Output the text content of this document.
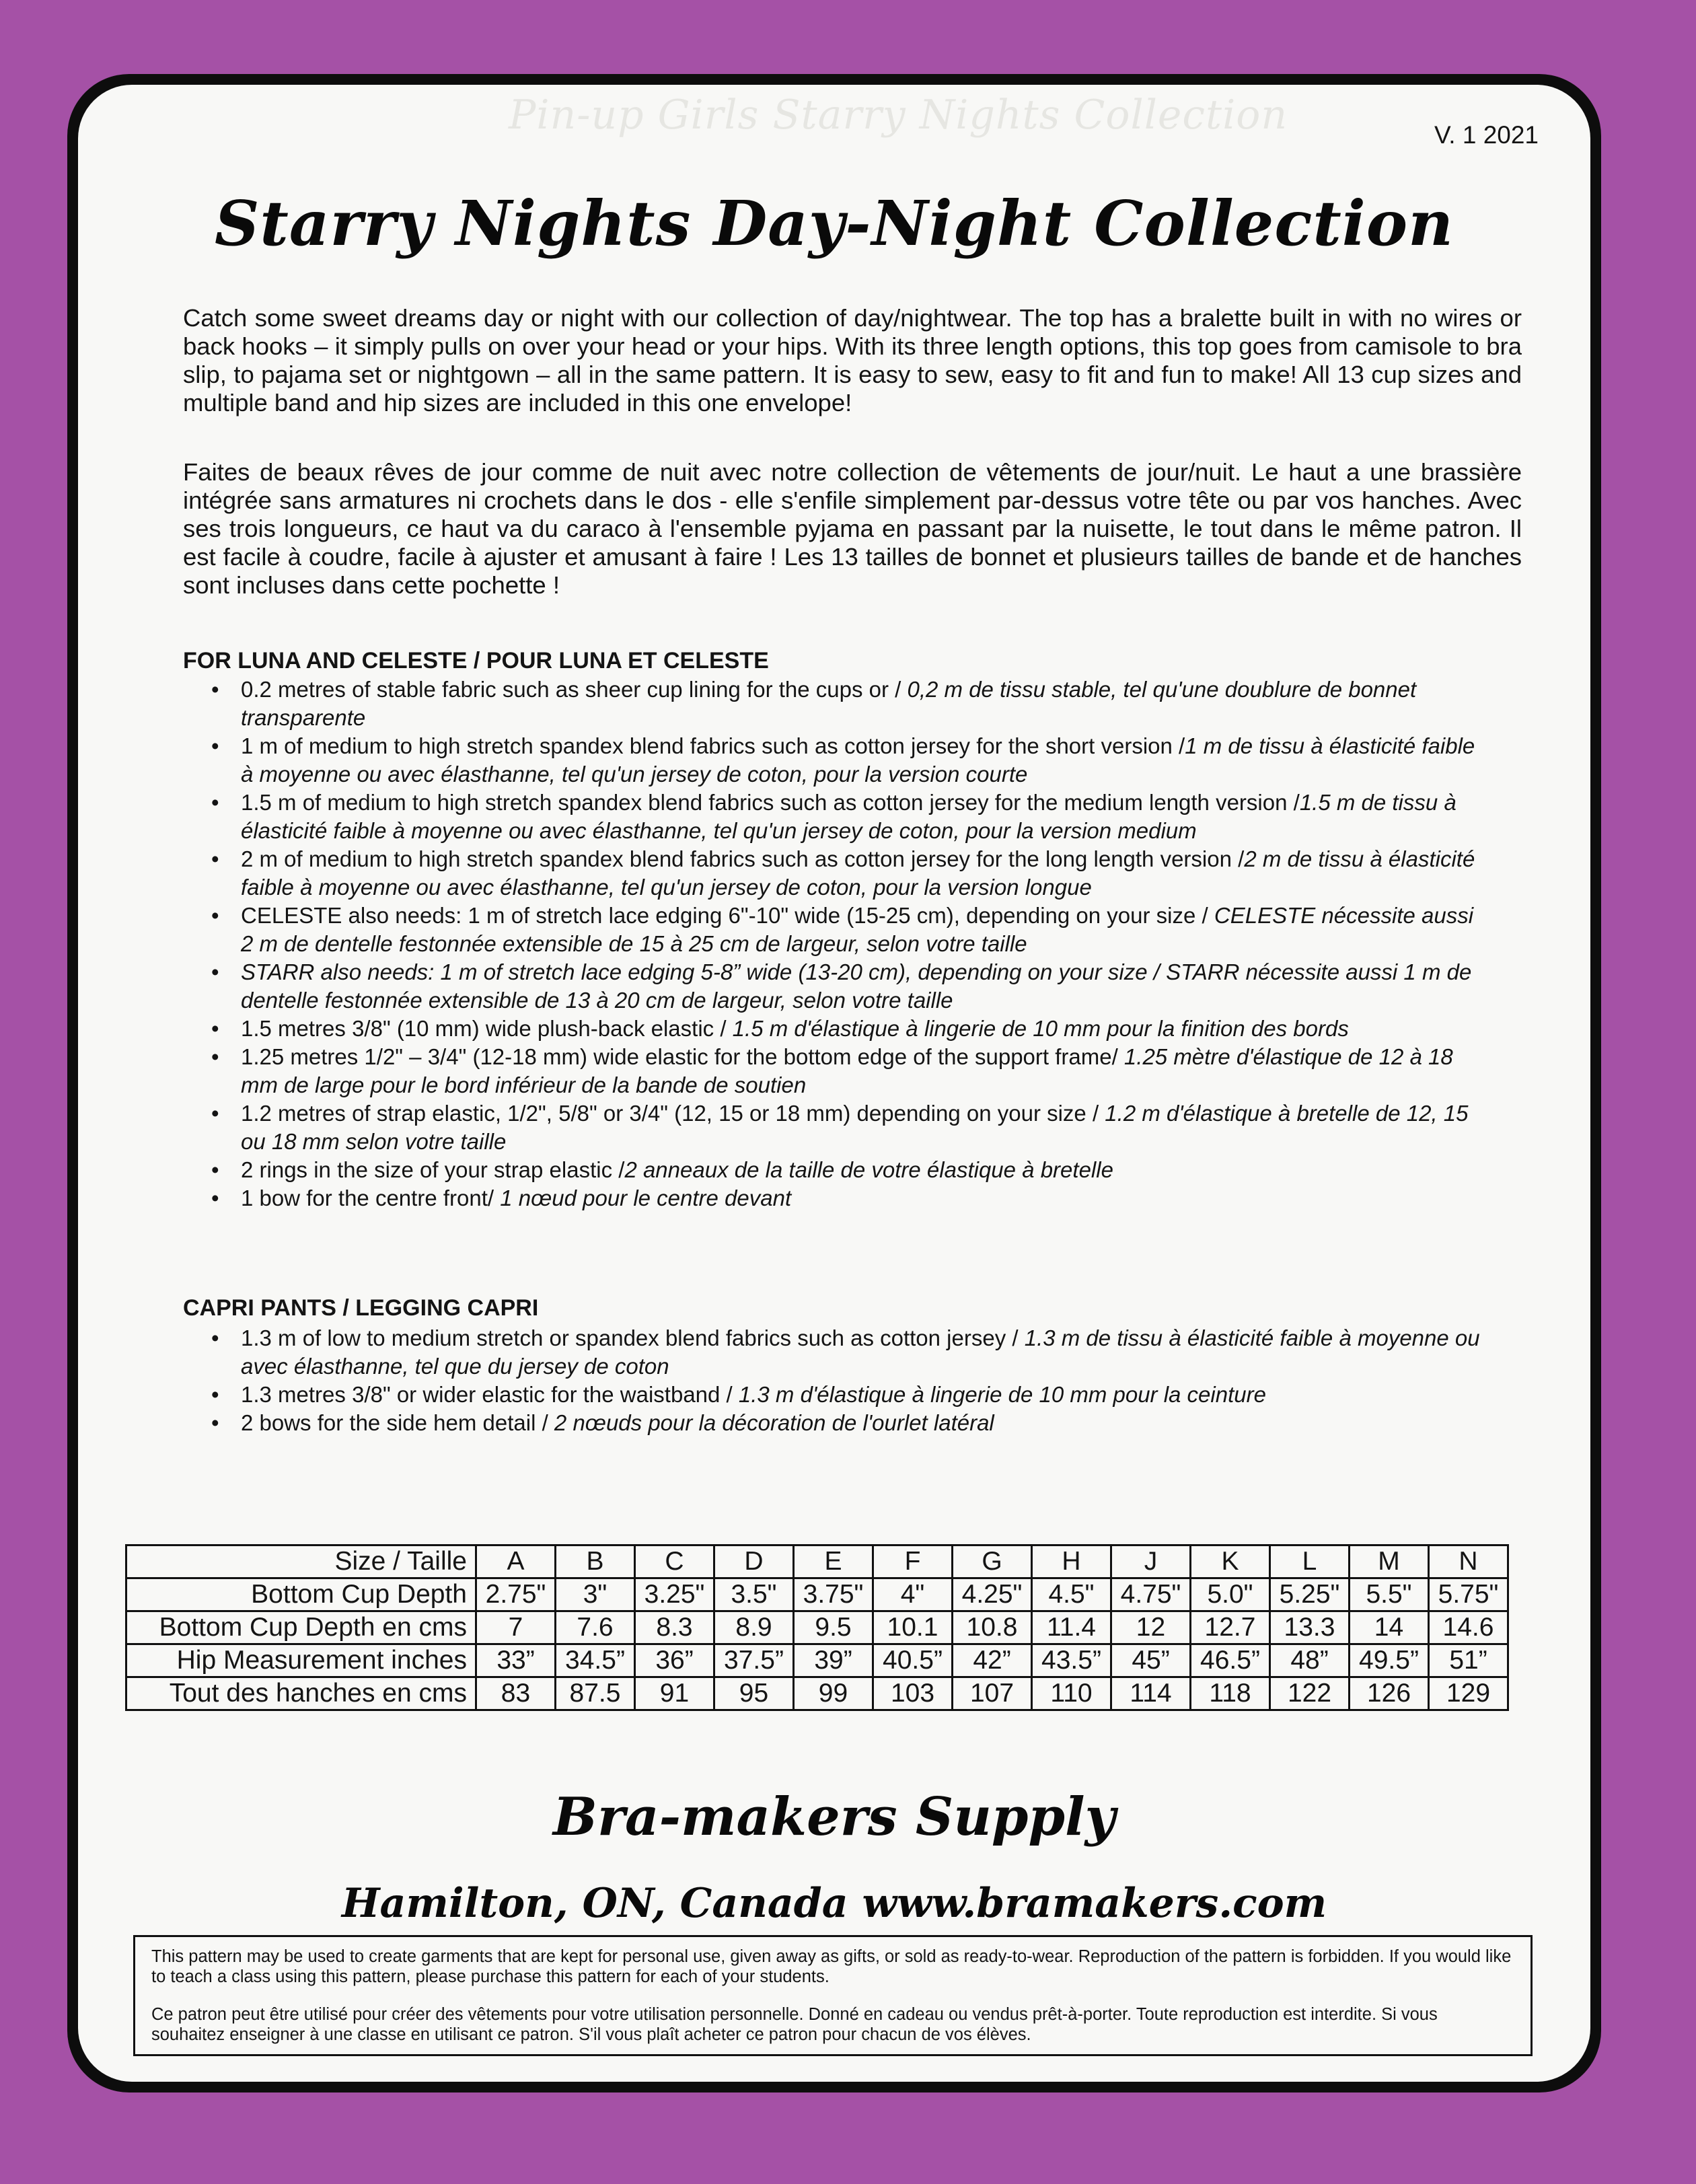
Pin-up Girls Starry Nights Collection	V. 1 2021
Starry Nights Day-Night Collection

Catch some sweet dreams day or night with our collection of day/nightwear. The top has a bralette built in with no wires or back hooks – it simply pulls on over your head or your hips. With its three length options, this top goes from camisole to bra slip, to pajama set or nightgown – all in the same pattern. It is easy to sew, easy to fit and fun to make! All 13 cup sizes and multiple band and hip sizes are included in this one envelope!

Faites de beaux rêves de jour comme de nuit avec notre collection de vêtements de jour/nuit. Le haut a une brassière intégrée sans armatures ni crochets dans le dos - elle s'enfile simplement par-dessus votre tête ou par vos hanches. Avec ses trois longueurs, ce haut va du caraco à l'ensemble pyjama en passant par la nuisette, le tout dans le même patron. Il est facile à coudre, facile à ajuster et amusant à faire ! Les 13 tailles de bonnet et plusieurs tailles de bande et de hanches sont incluses dans cette pochette !

FOR LUNA AND CELESTE / POUR LUNA ET CELESTE
• 0.2 metres of stable fabric such as sheer cup lining for the cups or / 0,2 m de tissu stable, tel qu'une doublure de bonnet transparente
• 1 m of medium to high stretch spandex blend fabrics such as cotton jersey for the short version /1 m de tissu à élasticité faible à moyenne ou avec élasthanne, tel qu'un jersey de coton, pour la version courte
• 1.5 m of medium to high stretch spandex blend fabrics such as cotton jersey for the medium length version /1.5 m de tissu à élasticité faible à moyenne ou avec élasthanne, tel qu'un jersey de coton, pour la version medium
• 2 m of medium to high stretch spandex blend fabrics such as cotton jersey for the long length version /2 m de tissu à élasticité faible à moyenne ou avec élasthanne, tel qu'un jersey de coton, pour la version longue
• CELESTE also needs: 1 m of stretch lace edging 6"-10" wide (15-25 cm), depending on your size / CELESTE nécessite aussi 2 m de dentelle festonnée extensible de 15 à 25 cm de largeur, selon votre taille
• STARR also needs: 1 m of stretch lace edging 5-8” wide (13-20 cm), depending on your size / STARR nécessite aussi 1 m de dentelle festonnée extensible de 13 à 20 cm de largeur, selon votre taille
• 1.5 metres 3/8" (10 mm) wide plush-back elastic / 1.5 m d'élastique à lingerie de 10 mm pour la finition des bords
• 1.25 metres 1/2" – 3/4" (12-18 mm) wide elastic for the bottom edge of the support frame/ 1.25 mètre d'élastique de 12 à 18 mm de large pour le bord inférieur de la bande de soutien
• 1.2 metres of strap elastic, 1/2", 5/8" or 3/4" (12, 15 or 18 mm) depending on your size / 1.2 m d'élastique à bretelle de 12, 15 ou 18 mm selon votre taille
• 2 rings in the size of your strap elastic /2 anneaux de la taille de votre élastique à bretelle
• 1 bow for the centre front/ 1 nœud pour le centre devant
CAPRI PANTS / LEGGING CAPRI
• 1.3 m of low to medium stretch or spandex blend fabrics such as cotton jersey / 1.3 m de tissu à élasticité faible à moyenne ou avec élasthanne, tel que du jersey de coton
• 1.3 metres 3/8" or wider elastic for the waistband / 1.3 m d'élastique à lingerie de 10 mm pour la ceinture
• 2 bows for the side hem detail / 2 nœuds pour la décoration de l'ourlet latéral
Size / Taille	A	B	C	D	E	F	G	H	J	K	L	M	N
Bottom Cup Depth	2.75"	3"	3.25"	3.5"	3.75"	4"	4.25"	4.5"	4.75"	5.0"	5.25"	5.5"	5.75"
Bottom Cup Depth en cms	7	7.6	8.3	8.9	9.5	10.1	10.8	11.4	12	12.7	13.3	14	14.6
Hip Measurement inches	33”	34.5”	36”	37.5”	39”	40.5”	42”	43.5”	45”	46.5”	48”	49.5”	51”
Tout des hanches en cms	83	87.5	91	95	99	103	107	110	114	118	122	126	129
Bra-makers Supply
Hamilton, ON, Canada www.bramakers.com

This pattern may be used to create garments that are kept for personal use, given away as gifts, or sold as ready-to-wear. Reproduction of the pattern is forbidden. If you would like to teach a class using this pattern, please purchase this pattern for each of your students.

Ce patron peut être utilisé pour créer des vêtements pour votre utilisation personnelle. Donné en cadeau ou vendus prêt-à-porter. Toute reproduction est interdite. Si vous souhaitez enseigner à une classe en utilisant ce patron. S'il vous plaît acheter ce patron pour chacun de vos élèves.
